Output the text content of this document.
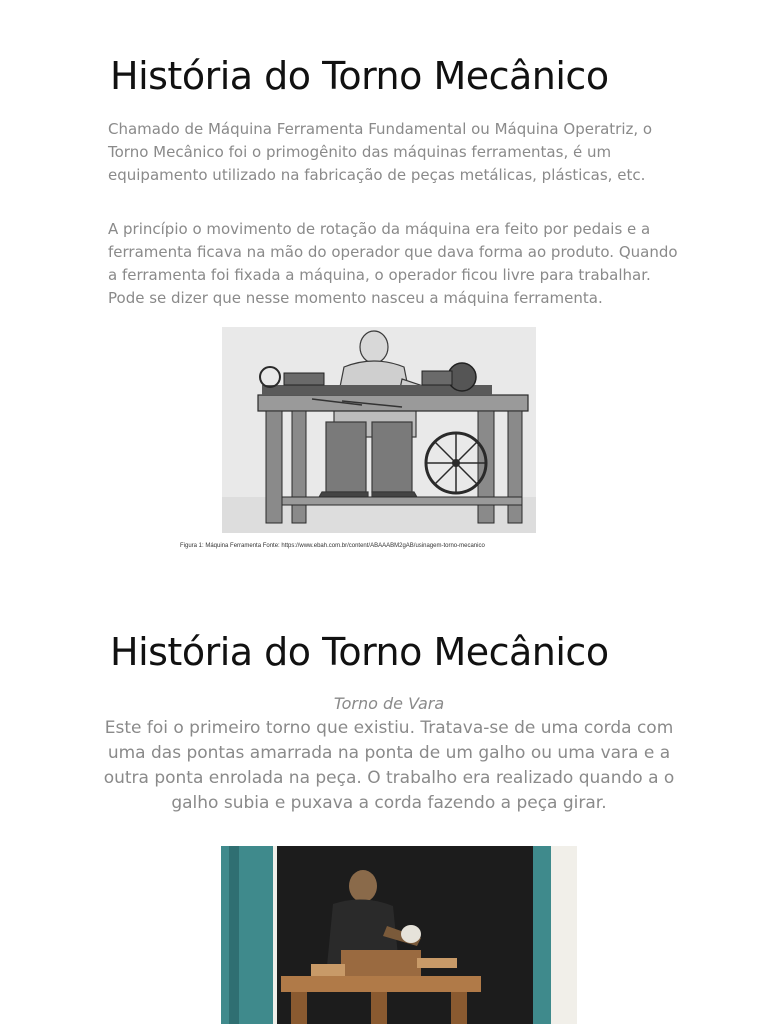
História do Torno Mecânico

Chamado de Máquina Ferramenta Fundamental ou Máquina Operatriz, o Torno Mecânico foi o primogênito das máquinas ferramentas, é um equipamento utilizado na fabricação de peças metálicas, plásticas, etc.

A princípio o movimento de rotação da máquina era feito por pedais e a ferramenta ficava na mão do operador que dava forma ao produto. Quando a ferramenta foi fixada a máquina, o operador ficou livre para trabalhar. Pode se dizer que nesse momento nasceu a máquina ferramenta.

Figura 1: Máquina Ferramenta Fonte: https://www.ebah.com.br/content/ABAAABM2gAB/usinagem-torno-mecanico

História do Torno Mecânico

Torno de Vara

Este foi o primeiro torno que existiu. Tratava-se de uma corda com uma das pontas amarrada na ponta de um galho ou uma vara e a outra ponta enrolada na peça. O trabalho era realizado quando a o galho subia e puxava a corda fazendo a peça girar.
